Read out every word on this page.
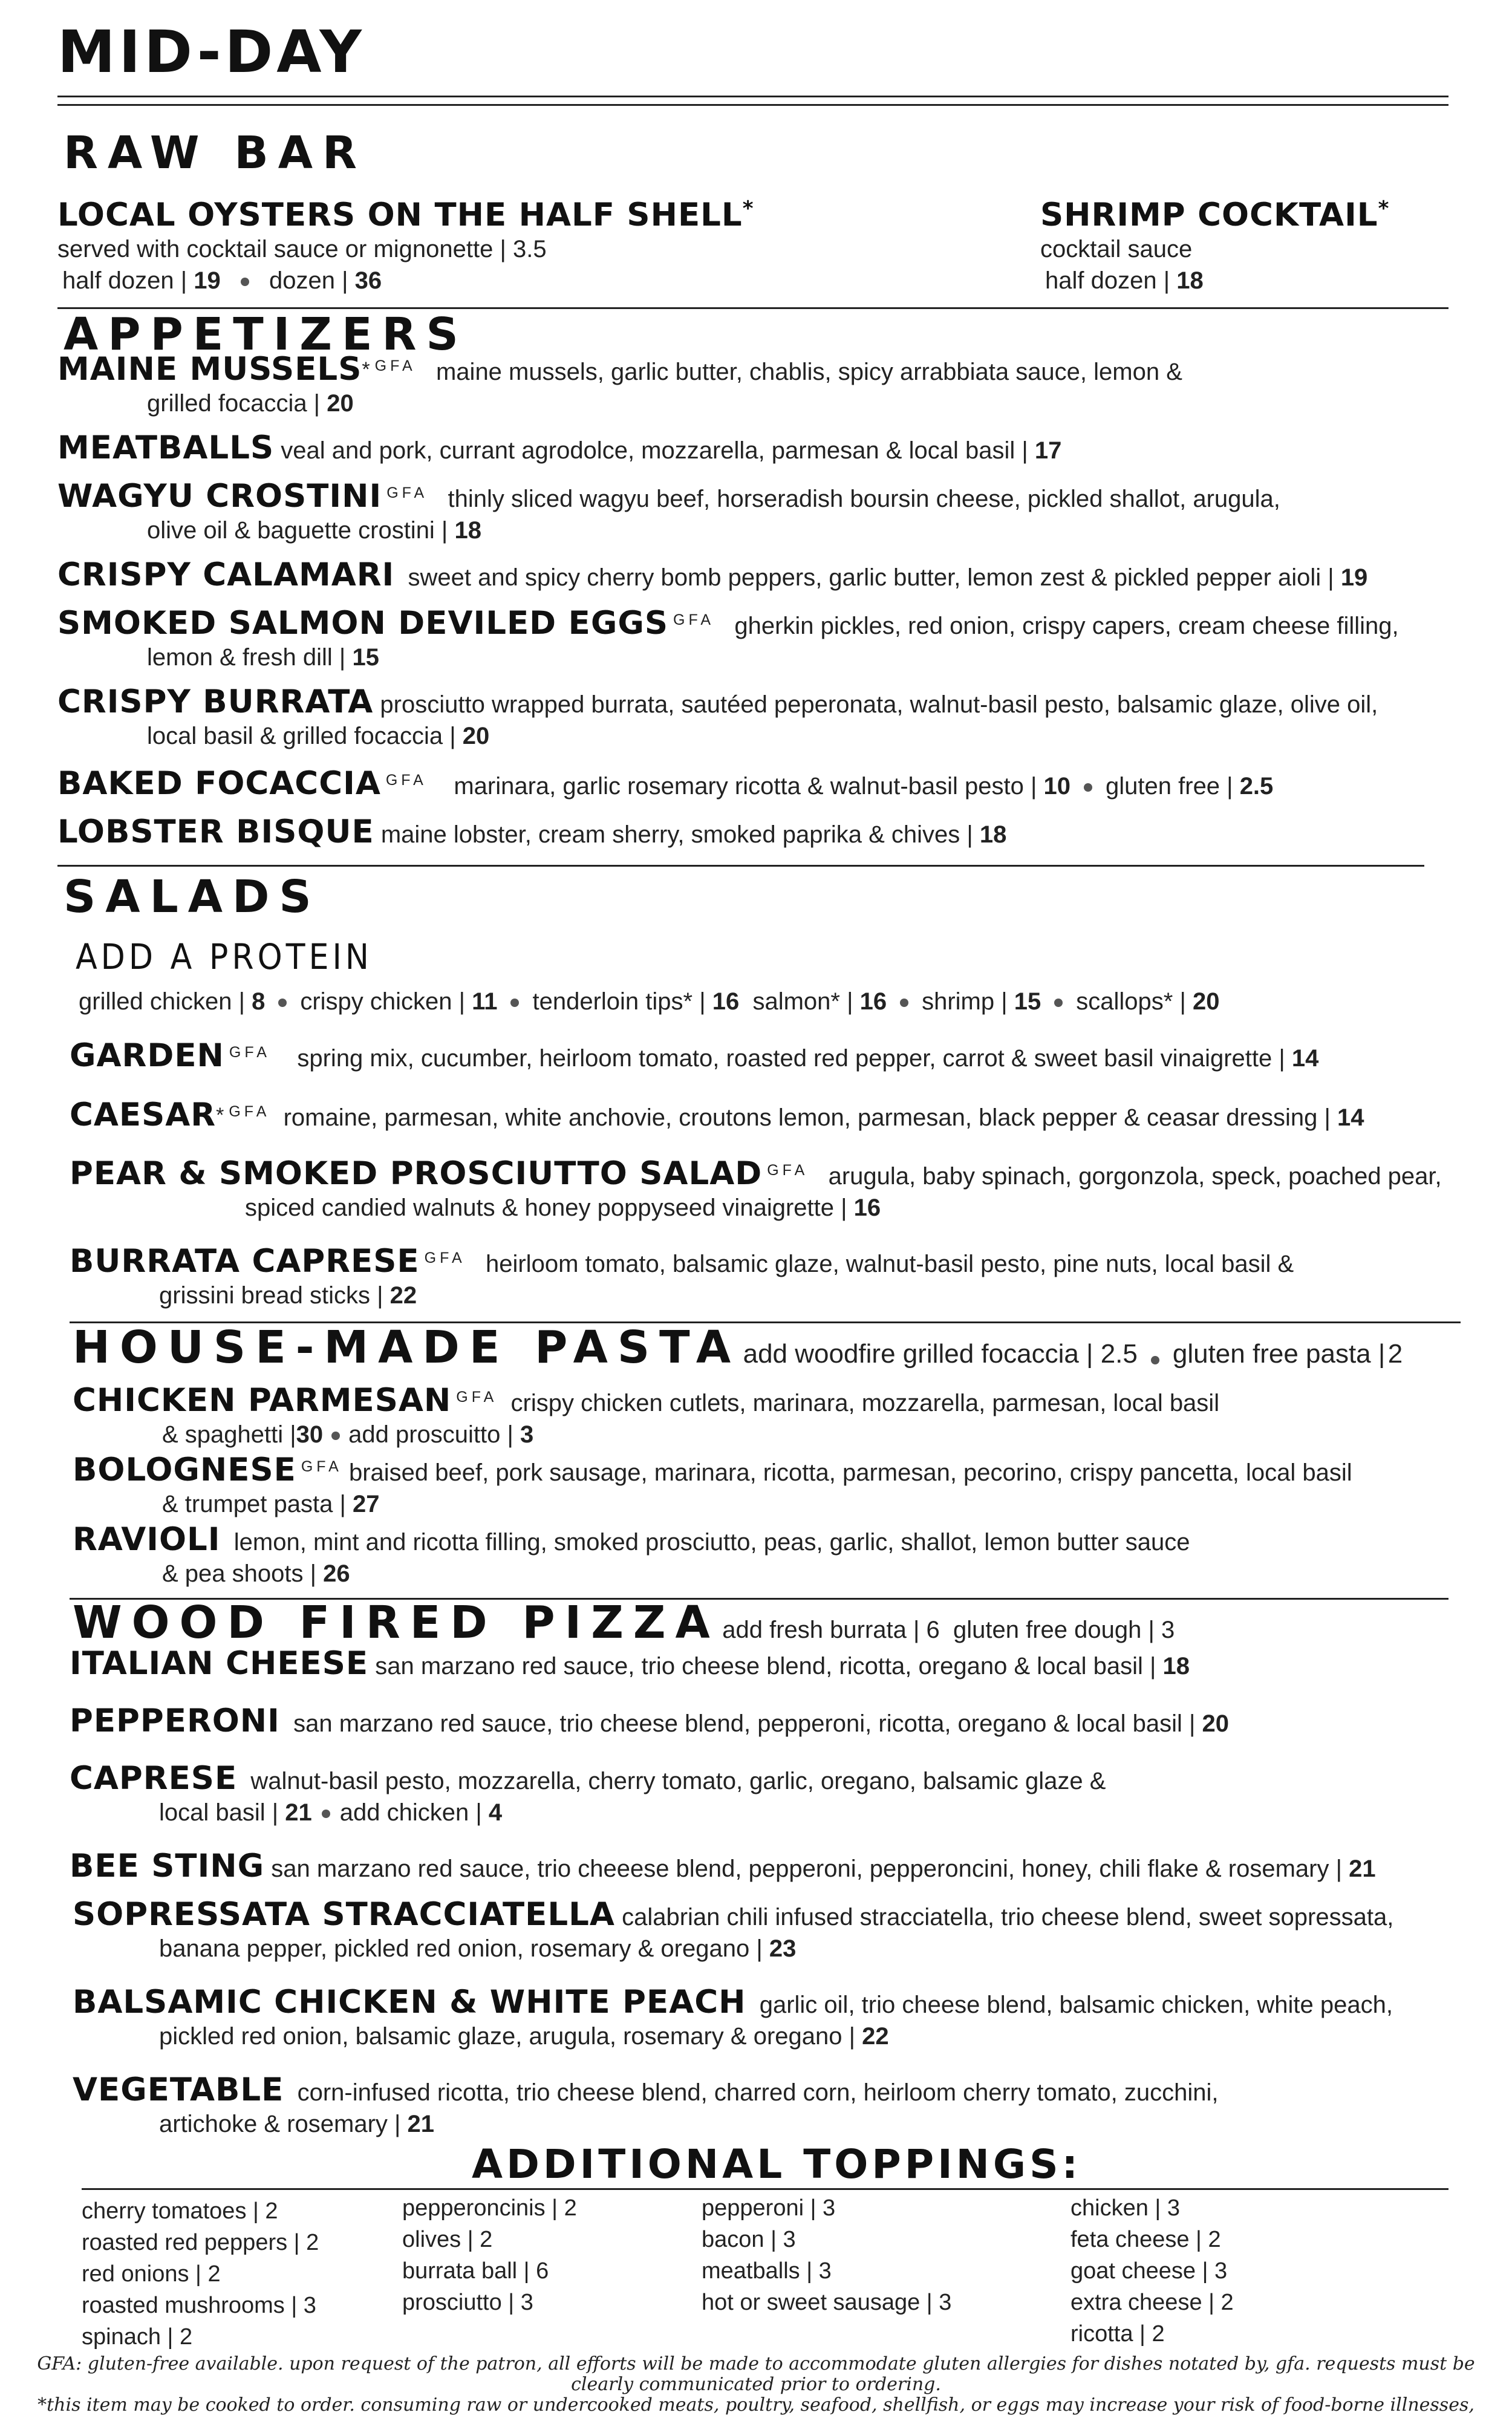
MID-DAY
RAW BAR
LOCAL OYSTERS ON THE HALF SHELL*
served with cocktail sauce or mignonette | 3.5
half dozen | 19 dozen | 36
SHRIMP COCKTAIL*
cocktail sauce
half dozen | 18
APPETIZERS
MAINE MUSSELS* $^{GFA}$ maine mussels, garlic butter, chablis, spicy arrabbiata sauce, lemon &
grilled focaccia | 20
MEATBALLS veal and pork, currant agrodolce, mozzarella, parmesan & local basil | 17
WAGYU CROSTINI $^{GFA}$ thinly sliced wagyu beef, horseradish boursin cheese, pickled shallot, arugula,
olive oil & baguette crostini | 18
CRISPY CALAMARI sweet and spicy cherry bomb peppers, garlic butter, lemon zest & pickled pepper aioli | 19
SMOKED SALMON DEVILED EGGS $^{GFA}$ gherkin pickles, red onion, crispy capers, cream cheese filling,
lemon & fresh dill | 15
CRISPY BURRATA prosciutto wrapped burrata, sautéed peperonata, walnut-basil pesto, balsamic glaze, olive oil,
local basil & grilled focaccia | 20
BAKED FOCACCIA $^{GFA}$ marinara, garlic rosemary ricotta & walnut-basil pesto | 10 gluten free | 2.5
LOBSTER BISQUE maine lobster, cream sherry, smoked paprika & chives | 18
SALADS
ADD A PROTEIN
grilled chicken | 8 crispy chicken | 11 tenderloin tips* | 16 salmon* | 16 shrimp | 15 scallops* | 20
GARDEN $^{GFA}$ spring mix, cucumber, heirloom tomato, roasted red pepper, carrot & sweet basil vinaigrette | 14
CAESAR* $^{GFA}$ romaine, parmesan, white anchovie, croutons lemon, parmesan, black pepper & ceasar dressing | 14
PEAR & SMOKED PROSCIUTTO SALAD $^{GFA}$ arugula, baby spinach, gorgonzola, speck, poached pear,
spiced candied walnuts & honey poppyseed vinaigrette | 16
BURRATA CAPRESE $^{GFA}$ heirloom tomato, balsamic glaze, walnut-basil pesto, pine nuts, local basil &
grissini bread sticks | 22
HOUSE-MADE PASTA add woodfire grilled focaccia | 2.5 gluten free pasta | 2
CHICKEN PARMESAN $^{GFA}$ crispy chicken cutlets, marinara, mozzarella, parmesan, local basil
& spaghetti |30 add proscuitto | 3
BOLOGNESE $^{GFA}$ braised beef, pork sausage, marinara, ricotta, parmesan, pecorino, crispy pancetta, local basil
& trumpet pasta | 27
RAVIOLI lemon, mint and ricotta filling, smoked prosciutto, peas, garlic, shallot, lemon butter sauce
& pea shoots | 26
WOOD FIRED PIZZA add fresh burrata | 6 gluten free dough | 3
ITALIAN CHEESE san marzano red sauce, trio cheese blend, ricotta, oregano & local basil | 18
PEPPERONI san marzano red sauce, trio cheese blend, pepperoni, ricotta, oregano & local basil | 20
CAPRESE walnut-basil pesto, mozzarella, cherry tomato, garlic, oregano, balsamic glaze &
local basil | 21 add chicken | 4
BEE STING san marzano red sauce, trio cheeese blend, pepperoni, pepperoncini, honey, chili flake & rosemary | 21
SOPRESSATA STRACCIATELLA calabrian chili infused stracciatella, trio cheese blend, sweet sopressata,
banana pepper, pickled red onion, rosemary & oregano | 23
BALSAMIC CHICKEN & WHITE PEACH garlic oil, trio cheese blend, balsamic chicken, white peach,
pickled red onion, balsamic glaze, arugula, rosemary & oregano | 22
VEGETABLE corn-infused ricotta, trio cheese blend, charred corn, heirloom cherry tomato, zucchini,
artichoke & rosemary | 21
ADDITIONAL TOPPINGS:
cherry tomatoes | 2
roasted red peppers | 2
red onions | 2
roasted mushrooms | 3
spinach | 2
pepperoncinis | 2
olives | 2
burrata ball | 6
prosciutto | 3
pepperoni | 3
bacon | 3
meatballs | 3
hot or sweet sausage | 3
chicken | 3
feta cheese | 2
goat cheese | 3
extra cheese | 2
ricotta | 2
GFA: gluten-free available. upon request of the patron, all efforts will be made to accommodate gluten allergies for dishes notated by, gfa. requests must be
clearly communicated prior to ordering.
*this item may be cooked to order. consuming raw or undercooked meats, poultry, seafood, shellfish, or eggs may increase your risk of food-borne illnesses,
